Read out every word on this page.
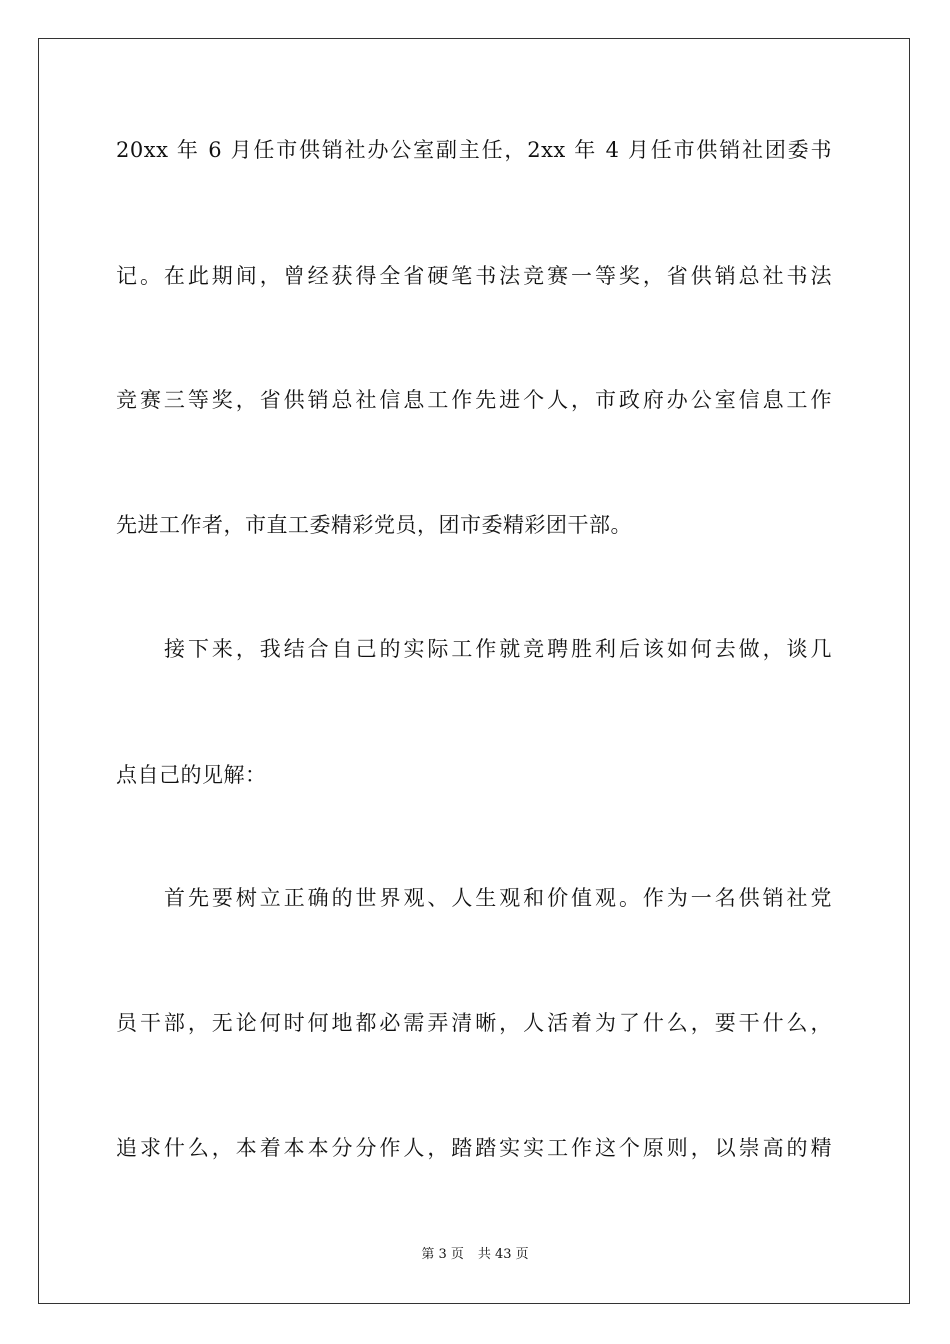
20xx 年 6 月任市供销社办公室副主任，2xx 年 4 月任市供销社团委书
记。在此期间，曾经获得全省硬笔书法竞赛一等奖，省供销总社书法
竞赛三等奖，省供销总社信息工作先进个人，市政府办公室信息工作
先进工作者，市直工委精彩党员，团市委精彩团干部。
接下来，我结合自己的实际工作就竞聘胜利后该如何去做，谈几
点自己的见解：
首先要树立正确的世界观、人生观和价值观。作为一名供销社党
员干部，无论何时何地都必需弄清晰，人活着为了什么，要干什么，
追求什么，本着本本分分作人，踏踏实实工作这个原则，以崇高的精
第 3 页 共 43 页
